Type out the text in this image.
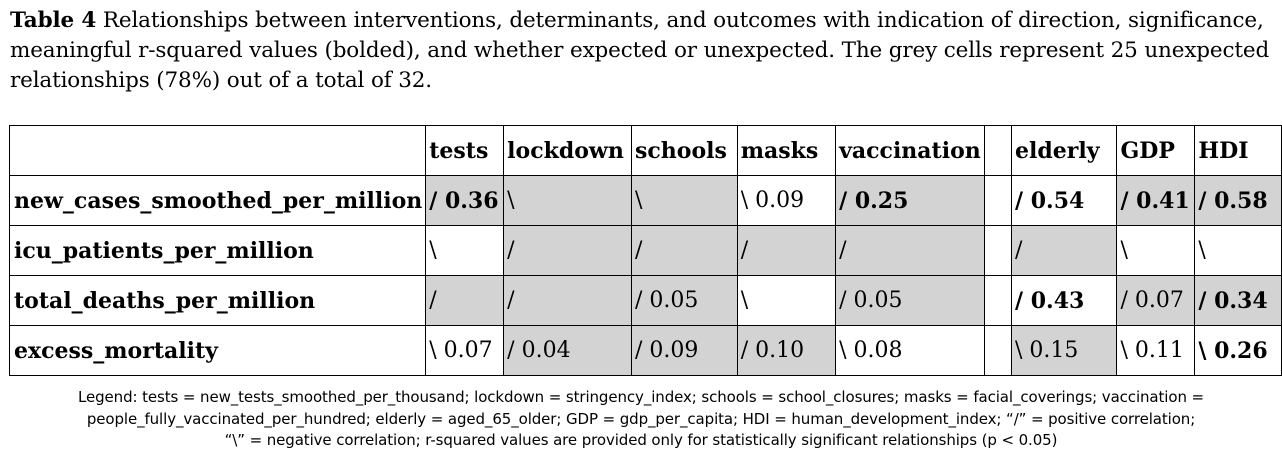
Table 4 Relationships between interventions, determinants, and outcomes with indication of direction, significance, meaningful r-squared values (bolded), and whether expected or unexpected. The grey cells represent 25 unexpected relationships (78%) out of a total of 32.
	tests	lockdown	schools	masks	vaccination		elderly	GDP	HDI
new_cases_smoothed_per_million	/ 0.36	\	\	\ 0.09	/ 0.25		/ 0.54	/ 0.41	/ 0.58
icu_patients_per_million	\	/	/	/	/		/	\	\
total_deaths_per_million	/	/	/ 0.05	\	/ 0.05		/ 0.43	/ 0.07	/ 0.34
excess_mortality	\ 0.07	/ 0.04	/ 0.09	/ 0.10	\ 0.08		\ 0.15	\ 0.11	\ 0.26
Legend: tests = new_tests_smoothed_per_thousand; lockdown = stringency_index; schools = school_closures; masks = facial_coverings; vaccination =
people_fully_vaccinated_per_hundred; elderly = aged_65_older; GDP = gdp_per_capita; HDI = human_development_index; “/” = positive correlation;
“\” = negative correlation; r-squared values are provided only for statistically significant relationships (p < 0.05)
